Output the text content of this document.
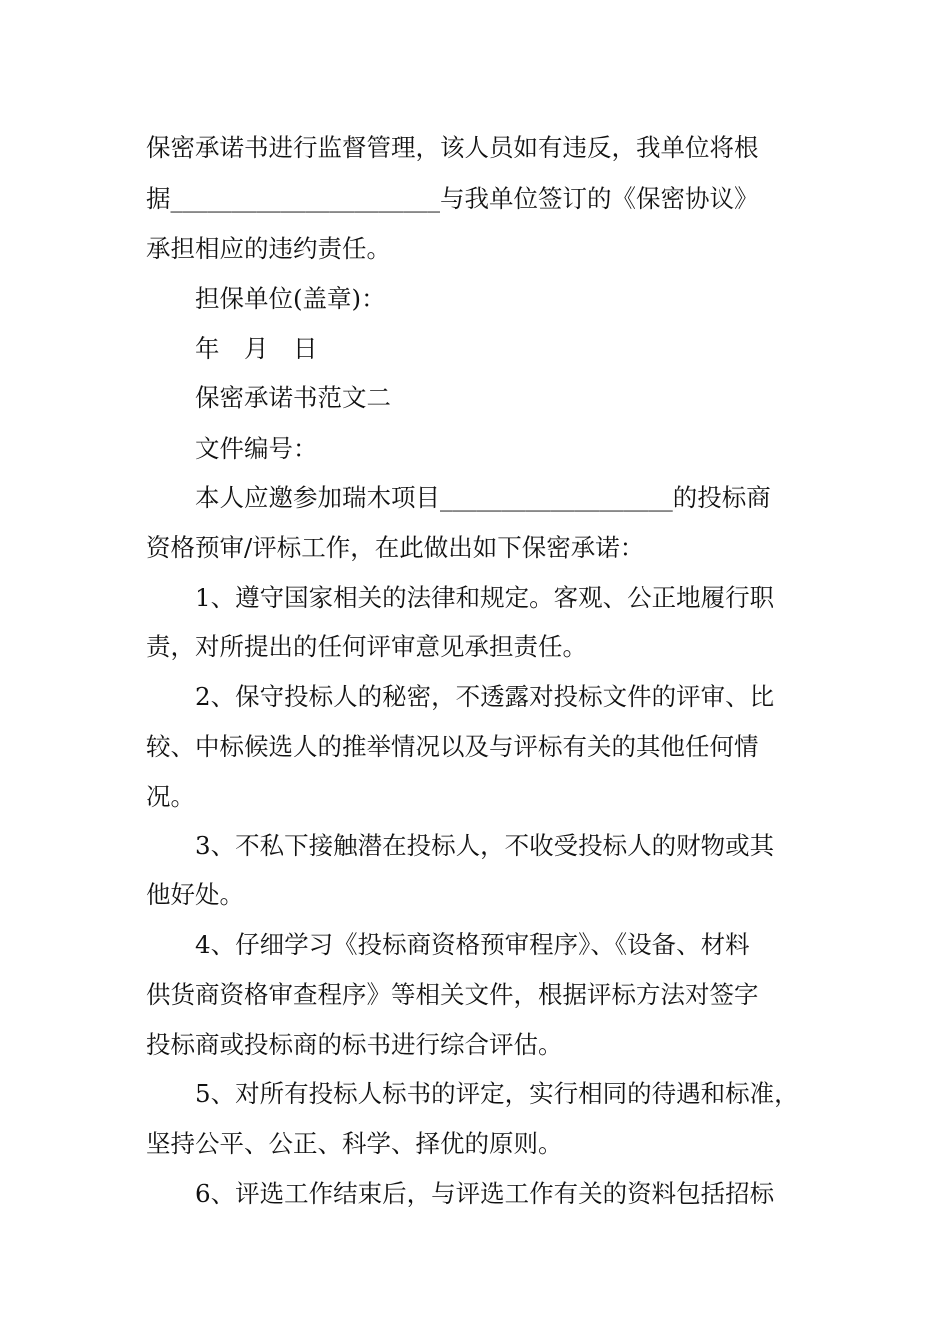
保密承诺书进行监督管理，该人员如有违反，我单位将根
据______________________与我单位签订的《保密协议》
承担相应的违约责任。
担保单位(盖章)：
年　月　日
保密承诺书范文二
文件编号：
本人应邀参加瑞木项目___________________的投标商
资格预审/评标工作，在此做出如下保密承诺：
1、遵守国家相关的法律和规定。客观、公正地履行职
责，对所提出的任何评审意见承担责任。
2、保守投标人的秘密，不透露对投标文件的评审、比
较、中标候选人的推举情况以及与评标有关的其他任何情
况。
3、不私下接触潜在投标人，不收受投标人的财物或其
他好处。
4、仔细学习《投标商资格预审程序》、《设备、材料
供货商资格审查程序》等相关文件，根据评标方法对签字
投标商或投标商的标书进行综合评估。
5、对所有投标人标书的评定，实行相同的待遇和标准，
坚持公平、公正、科学、择优的原则。
6、评选工作结束后，与评选工作有关的资料包括招标
